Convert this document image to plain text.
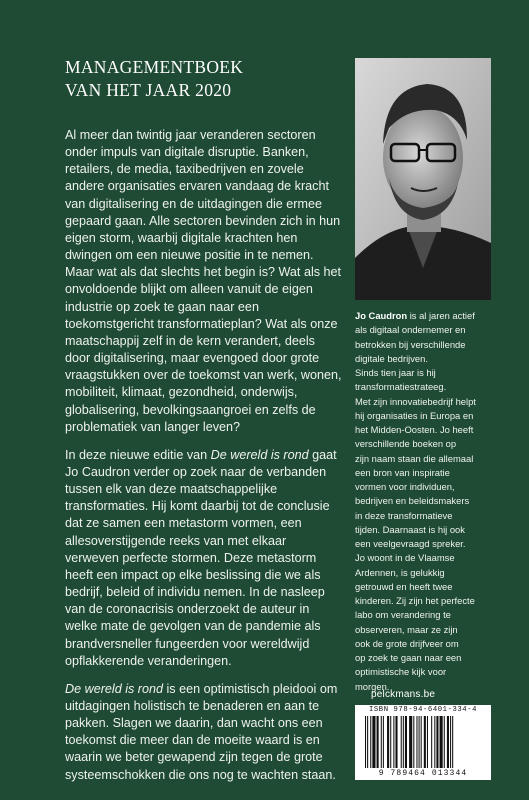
MANAGEMENTBOEK
VAN HET JAAR 2020

Al meer dan twintig jaar veranderen sectoren onder impuls van digitale disruptie. Banken, retailers, de media, taxibedrijven en zovele andere organisaties ervaren vandaag de kracht van digitalisering en de uitdagingen die ermee gepaard gaan. Alle sectoren bevinden zich in hun eigen storm, waarbij digitale krachten hen dwingen om een nieuwe positie in te nemen. Maar wat als dat slechts het begin is? Wat als het onvoldoende blijkt om alleen vanuit de eigen industrie op zoek te gaan naar een toekomstgericht transformatieplan? Wat als onze maatschappij zelf in de kern verandert, deels door digitalisering, maar evengoed door grote vraagstukken over de toekomst van werk, wonen, mobiliteit, klimaat, gezondheid, onderwijs, globalisering, bevolkingsaangroei en zelfs de problematiek van langer leven?

In deze nieuwe editie van De wereld is rond gaat Jo Caudron verder op zoek naar de verbanden tussen elk van deze maatschappelijke transformaties. Hij komt daarbij tot de conclusie dat ze samen een metastorm vormen, een allesoverstijgende reeks van met elkaar verweven perfecte stormen. Deze metastorm heeft een impact op elke beslissing die we als bedrijf, beleid of individu nemen. In de nasleep van de coronacrisis onderzoekt de auteur in welke mate de gevolgen van de pandemie als brandversneller fungeerden voor wereldwijd opflakkerende veranderingen.

De wereld is rond is een optimistisch pleidooi om uitdagingen holistisch te benaderen en aan te pakken. Slagen we daarin, dan wacht ons een toekomst die meer dan de moeite waard is en waarin we beter gewapend zijn tegen de grote systeemschokken die ons nog te wachten staan.

Jo Caudron is al jaren actief
als digitaal ondernemer en
betrokken bij verschillende
digitale bedrijven.
Sinds tien jaar is hij
transformatiestrateeg.
Met zijn innovatiebedrijf helpt
hij organisaties in Europa en
het Midden-Oosten. Jo heeft
verschillende boeken op
zijn naam staan die allemaal
een bron van inspiratie
vormen voor individuen,
bedrijven en beleidsmakers
in deze transformatieve
tijden. Daarnaast is hij ook
een veelgevraagd spreker.
Jo woont in de Vlaamse
Ardennen, is gelukkig
getrouwd en heeft twee
kinderen. Zij zijn het perfecte
labo om verandering te
observeren, maar ze zijn
ook de grote drijfveer om
op zoek te gaan naar een
optimistische kijk voor
morgen.
pelckmans.be
ISBN 978-94-6401-334-4
9 789464 013344
